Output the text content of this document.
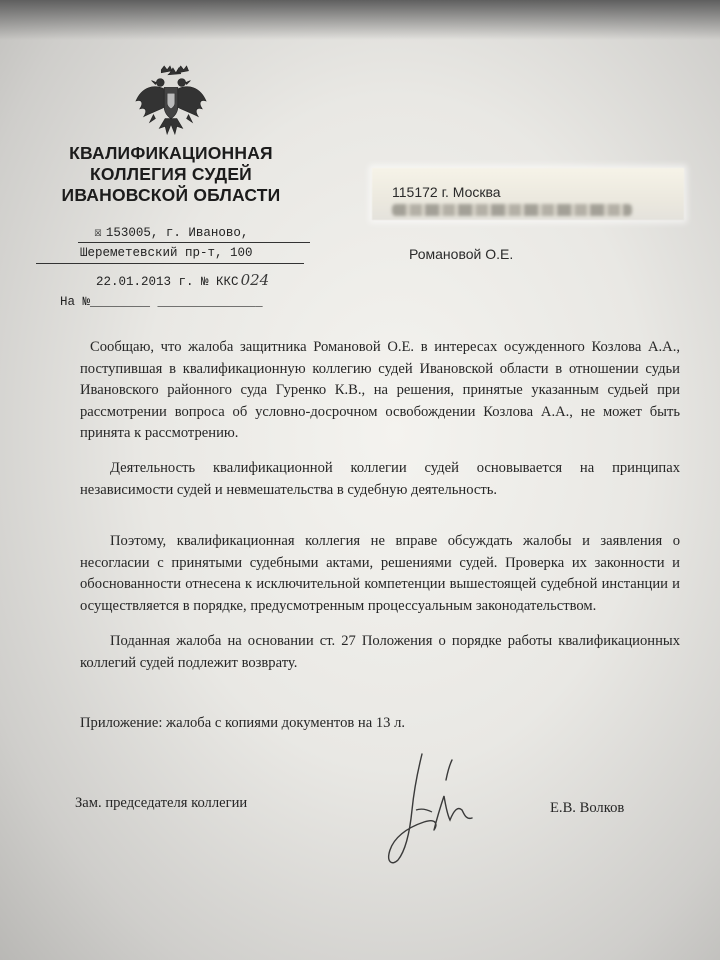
КВАЛИФИКАЦИОННАЯ
КОЛЛЕГИЯ СУДЕЙ
ИВАНОВСКОЙ ОБЛАСТИ
☒ 153005, г. Иваново,
Шереметевский пр-т, 100
22.01.2013 г. № ККС 024
На №________ ______________
115172 г. Москва
Романовой О.Е.

Сообщаю, что жалоба защитника Романовой О.Е. в интересах осужденного Козлова А.А., поступившая в квалификационную коллегию судей Ивановской области в отношении судьи Ивановского районного суда Гуренко К.В., на решения, принятые указанным судьей при рассмотрении вопроса об условно-досрочном освобождении Козлова А.А., не может быть принята к рассмотрению.

Деятельность квалификационной коллегии судей основывается на принципах независимости судей и невмешательства в судебную деятельность.

Поэтому, квалификационная коллегия не вправе обсуждать жалобы и заявления о несогласии с принятыми судебными актами, решениями судей. Проверка их законности и обоснованности отнесена к исключительной компетенции вышестоящей судебной инстанции и осуществляется в порядке, предусмотренным процессуальным законодательством.

Поданная жалоба на основании ст. 27 Положения о порядке работы квалификационных коллегий судей подлежит возврату.

Приложение: жалоба с копиями документов на 13 л.
Зам. председателя коллегии	Е.В. Волков
